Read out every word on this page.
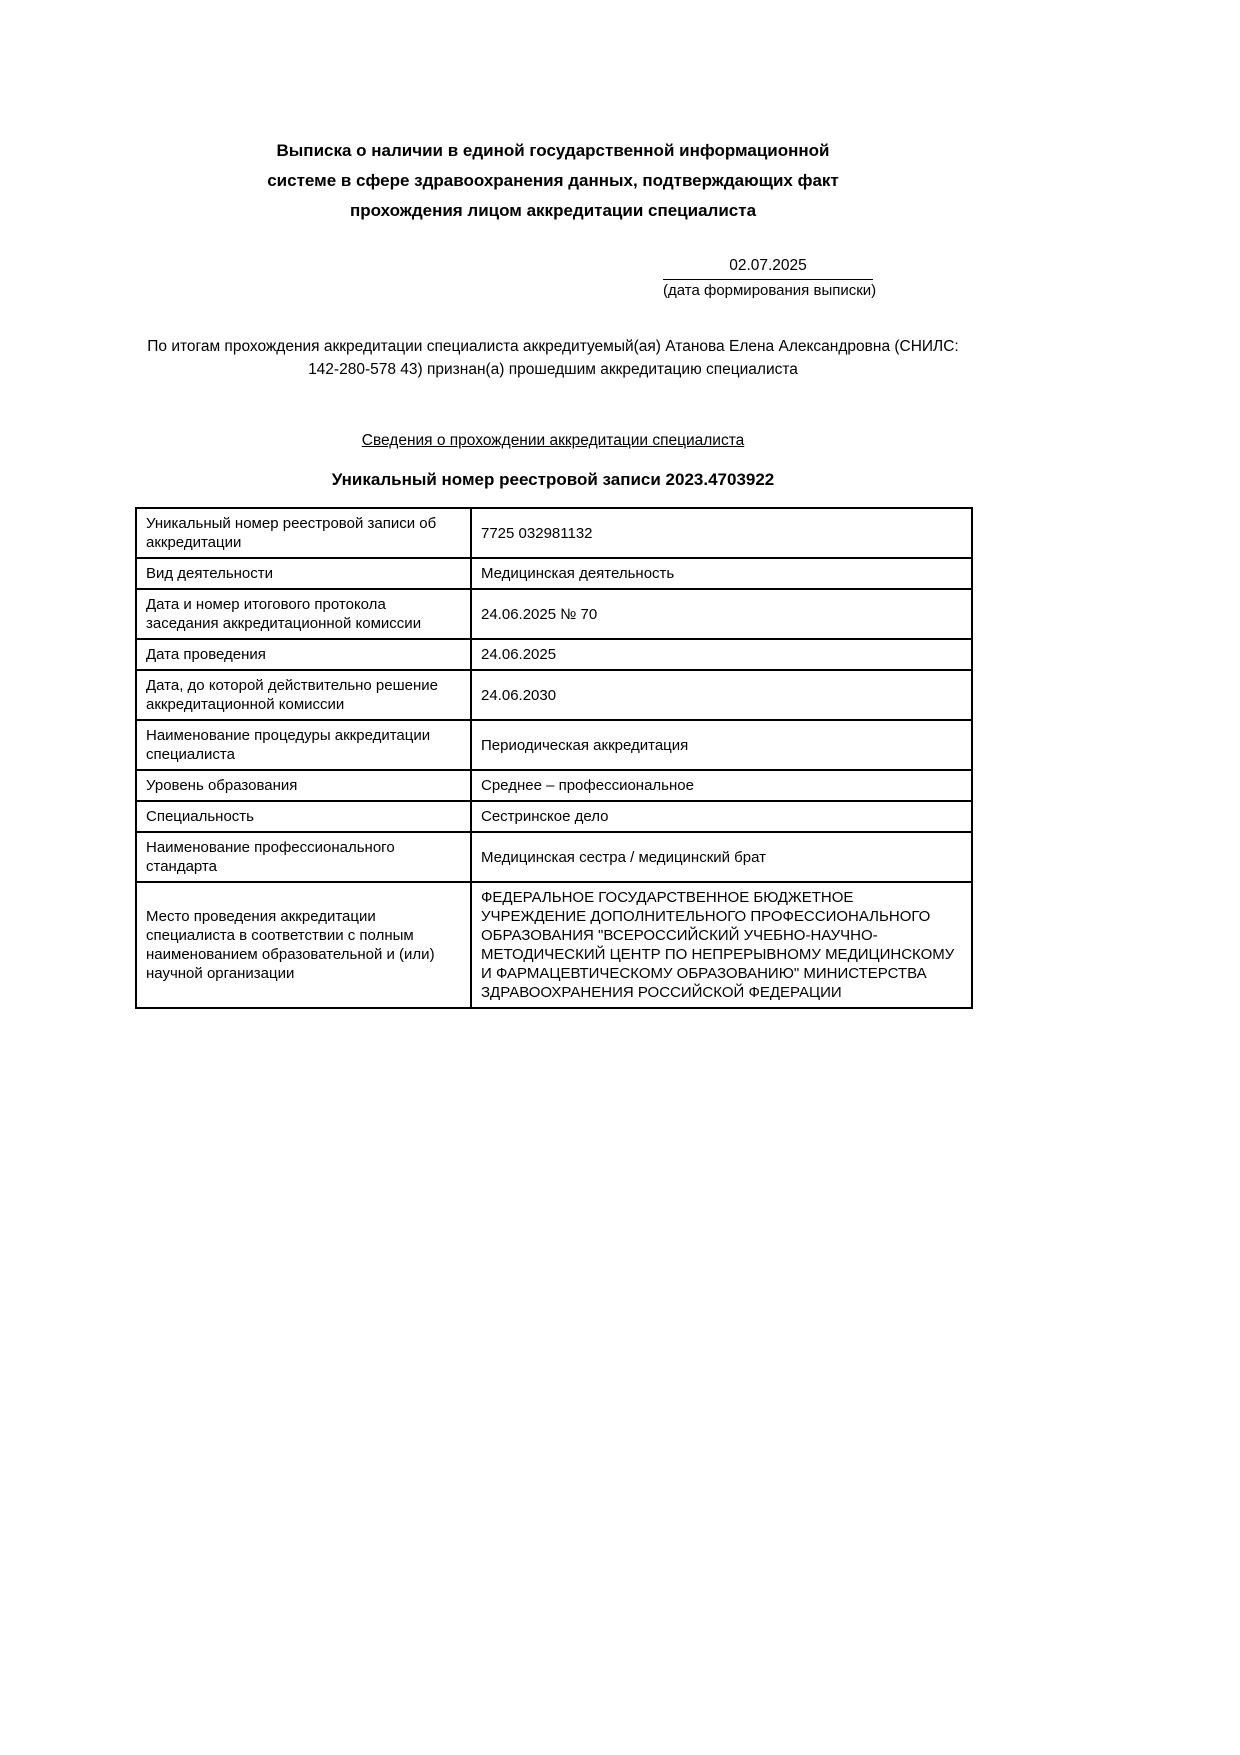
Выписка о наличии в единой государственной информационной системе в сфере здравоохранения данных, подтверждающих факт прохождения лицом аккредитации специалиста
02.07.2025
(дата формирования выписки)

По итогам прохождения аккредитации специалиста аккредитуемый(ая) Атанова Елена Александровна (СНИЛС: 142-280-578 43) признан(а) прошедшим аккредитацию специалиста

Сведения о прохождении аккредитации специалиста
Уникальный номер реестровой записи 2023.4703922
Уникальный номер реестровой записи об аккредитации	7725 032981132
Вид деятельности	Медицинская деятельность
Дата и номер итогового протокола заседания аккредитационной комиссии	24.06.2025 № 70
Дата проведения	24.06.2025
Дата, до которой действительно решение аккредитационной комиссии	24.06.2030
Наименование процедуры аккредитации специалиста	Периодическая аккредитация
Уровень образования	Среднее – профессиональное
Специальность	Сестринское дело
Наименование профессионального стандарта	Медицинская сестра / медицинский брат
Место проведения аккредитации специалиста в соответствии с полным наименованием образовательной и (или) научной организации	ФЕДЕРАЛЬНОЕ ГОСУДАРСТВЕННОЕ БЮДЖЕТНОЕ УЧРЕЖДЕНИЕ ДОПОЛНИТЕЛЬНОГО ПРОФЕССИОНАЛЬНОГО ОБРАЗОВАНИЯ "ВСЕРОССИЙСКИЙ УЧЕБНО-НАУЧНО-МЕТОДИЧЕСКИЙ ЦЕНТР ПО НЕПРЕРЫВНОМУ МЕДИЦИНСКОМУ И ФАРМАЦЕВТИЧЕСКОМУ ОБРАЗОВАНИЮ" МИНИСТЕРСТВА ЗДРАВООХРАНЕНИЯ РОССИЙСКОЙ ФЕДЕРАЦИИ
